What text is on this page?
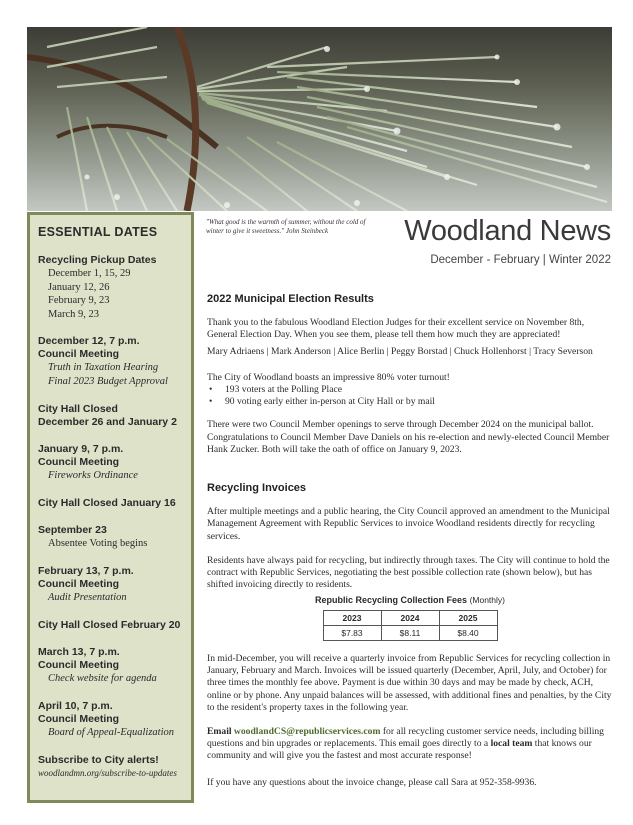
ESSENTIAL DATES
Recycling Pickup Dates
December 1, 15, 29
January 12, 26
February 9, 23
March 9, 23
December 12, 7 p.m.
Council Meeting
Truth in Taxation Hearing
Final 2023 Budget Approval
City Hall Closed
December 26 and January 2
January 9, 7 p.m.
Council Meeting
Fireworks Ordinance
City Hall Closed January 16
September 23
Absentee Voting begins
February 13, 7 p.m.
Council Meeting
Audit Presentation
City Hall Closed February 20
March 13, 7 p.m.
Council Meeting
Check website for agenda
April 10, 7 p.m.
Council Meeting
Board of Appeal-Equalization
Subscribe to City alerts!
woodlandmn.org/subscribe-to-updates
"What good is the warmth of summer, without the cold of winter to give it sweetness." John Steinbeck	Woodland News
December - February | Winter 2022
2022 Municipal Election Results

Thank you to the fabulous Woodland Election Judges for their excellent service on November 8th, General Election Day. When you see them, please tell them how much they are appreciated!

Mary Adriaens | Mark Anderson | Alice Berlin | Peggy Borstad | Chuck Hollenhorst | Tracy Severson

The City of Woodland boasts an impressive 80% voter turnout!

• 193 voters at the Polling Place
• 90 voting early either in-person at City Hall or by mail

There were two Council Member openings to serve through December 2024 on the municipal ballot. Congratulations to Council Member Dave Daniels on his re-election and newly-elected Council Member Hank Zucker. Both will take the oath of office on January 9, 2023.

Recycling Invoices

After multiple meetings and a public hearing, the City Council approved an amendment to the Municipal Management Agreement with Republic Services to invoice Woodland residents directly for recycling services.

Residents have always paid for recycling, but indirectly through taxes. The City will continue to hold the contract with Republic Services, negotiating the best possible collection rate (shown below), but has shifted invoicing directly to residents.

Republic Recycling Collection Fees (Monthly)
2023	2024	2025
$7.83	$8.11	$8.40

In mid-December, you will receive a quarterly invoice from Republic Services for recycling collection in January, February and March. Invoices will be issued quarterly (December, April, July, and October) for three times the monthly fee above. Payment is due within 30 days and may be made by check, ACH, online or by phone. Any unpaid balances will be assessed, with additional fines and penalties, by the City to the resident's property taxes in the following year.

Email woodlandCS@republicservices.com for all recycling customer service needs, including billing questions and bin upgrades or replacements. This email goes directly to a local team that knows our community and will give you the fastest and most accurate response!

If you have any questions about the invoice change, please call Sara at 952-358-9936.
